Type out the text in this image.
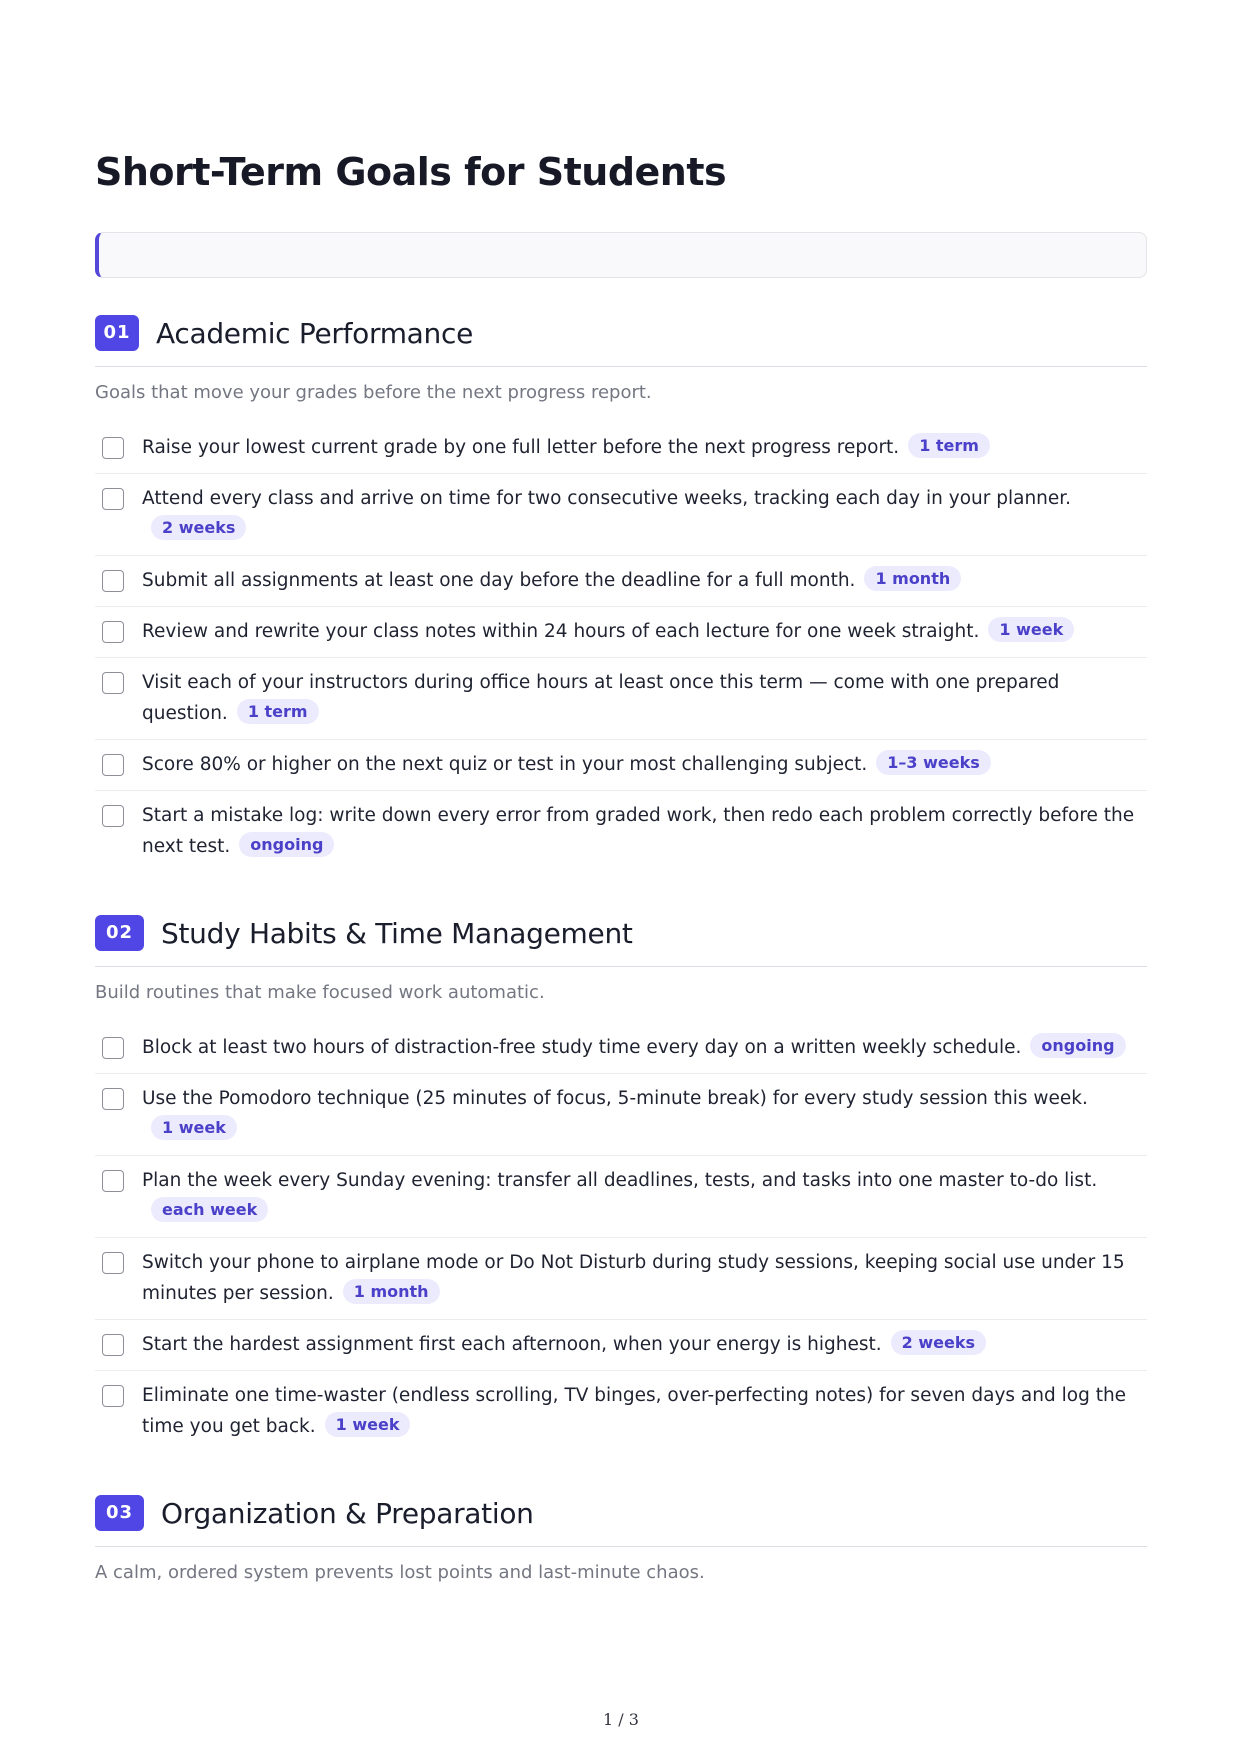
Short-Term Goals for Students
01 Academic Performance
Goals that move your grades before the next progress report.
Raise your lowest current grade by one full letter before the next progress report. 1 term
Attend every class and arrive on time for two consecutive weeks, tracking each day in your planner.2 weeks
Submit all assignments at least one day before the deadline for a full month. 1 month
Review and rewrite your class notes within 24 hours of each lecture for one week straight. 1 week
Visit each of your instructors during office hours at least once this term — come with one prepared question. 1 term
Score 80% or higher on the next quiz or test in your most challenging subject. 1–3 weeks
Start a mistake log: write down every error from graded work, then redo each problem correctly before the next test. ongoing
02 Study Habits & Time Management
Build routines that make focused work automatic.
Block at least two hours of distraction-free study time every day on a written weekly schedule. ongoing
Use the Pomodoro technique (25 minutes of focus, 5-minute break) for every study session this week.1 week
Plan the week every Sunday evening: transfer all deadlines, tests, and tasks into one master to-do list.each week
Switch your phone to airplane mode or Do Not Disturb during study sessions, keeping social use under 15 minutes per session. 1 month
Start the hardest assignment first each afternoon, when your energy is highest. 2 weeks
Eliminate one time-waster (endless scrolling, TV binges, over-perfecting notes) for seven days and log the time you get back. 1 week
03 Organization & Preparation
A calm, ordered system prevents lost points and last-minute chaos.
1 / 3
